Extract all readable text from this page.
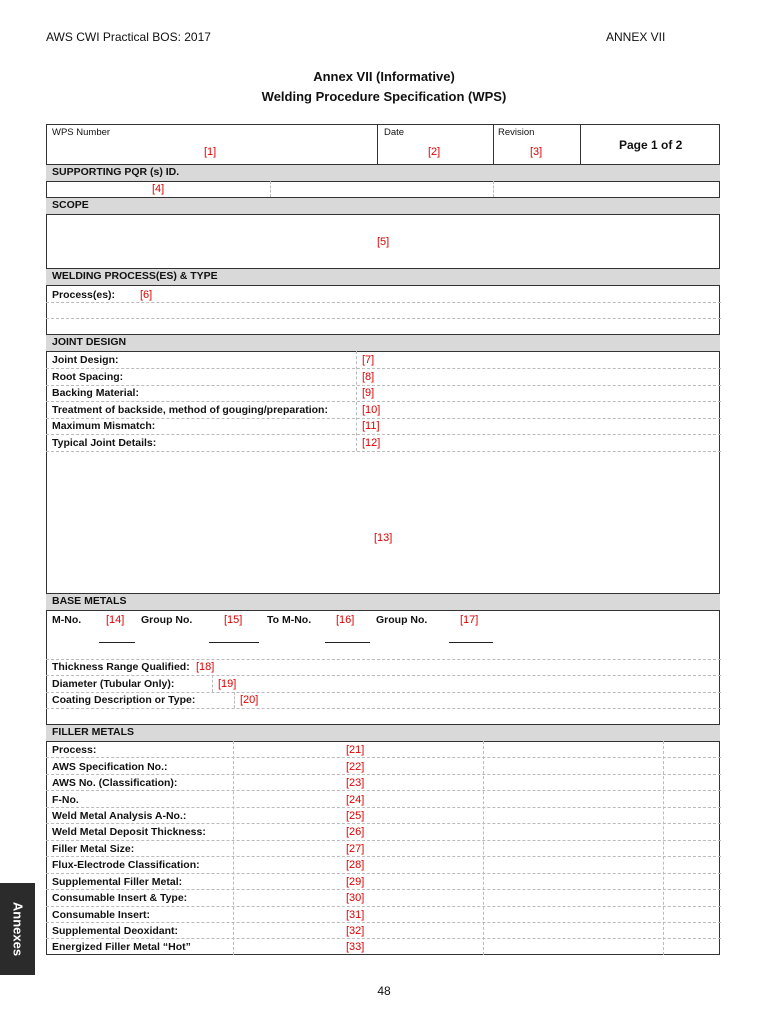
AWS CWI Practical BOS: 2017	ANNEX VII
Annex VII (Informative)
Welding Procedure Specification (WPS)
WPS Number
[1]
Date
[2]
Revision
[3]	Page 1 of 2
SUPPORTING PQR (s) ID.
[4]
SCOPE
[5]
WELDING PROCESS(ES) & TYPE
Process(es): [6]
JOINT DESIGN
Joint Design:	[7]
Root Spacing:	[8]
Backing Material:	[9]
Treatment of backside, method of gouging/preparation:	[10]
Maximum Mismatch:	[11]
Typical Joint Details:	[12]
[13]
BASE METALS
M-No. [14] Group No.	[15] To M-No. [16] Group No.	[17]
Thickness Range Qualified: [18]
Diameter (Tubular Only):	[19]
Coating Description or Type:	[20]
FILLER METALS
Process:	[21]
AWS Specification No.:	[22]
AWS No. (Classification):	[23]
F-No.	[24]
Weld Metal Analysis A-No.:	[25]
Weld Metal Deposit Thickness:	[26]
Filler Metal Size:	[27]
Flux-Electrode Classification:	[28]
Supplemental Filler Metal:	[29]
Consumable Insert & Type:	[30]
Consumable Insert:	[31]
Supplemental Deoxidant:	[32]
Energized Filler Metal “Hot”	[33]
Annexes
48
